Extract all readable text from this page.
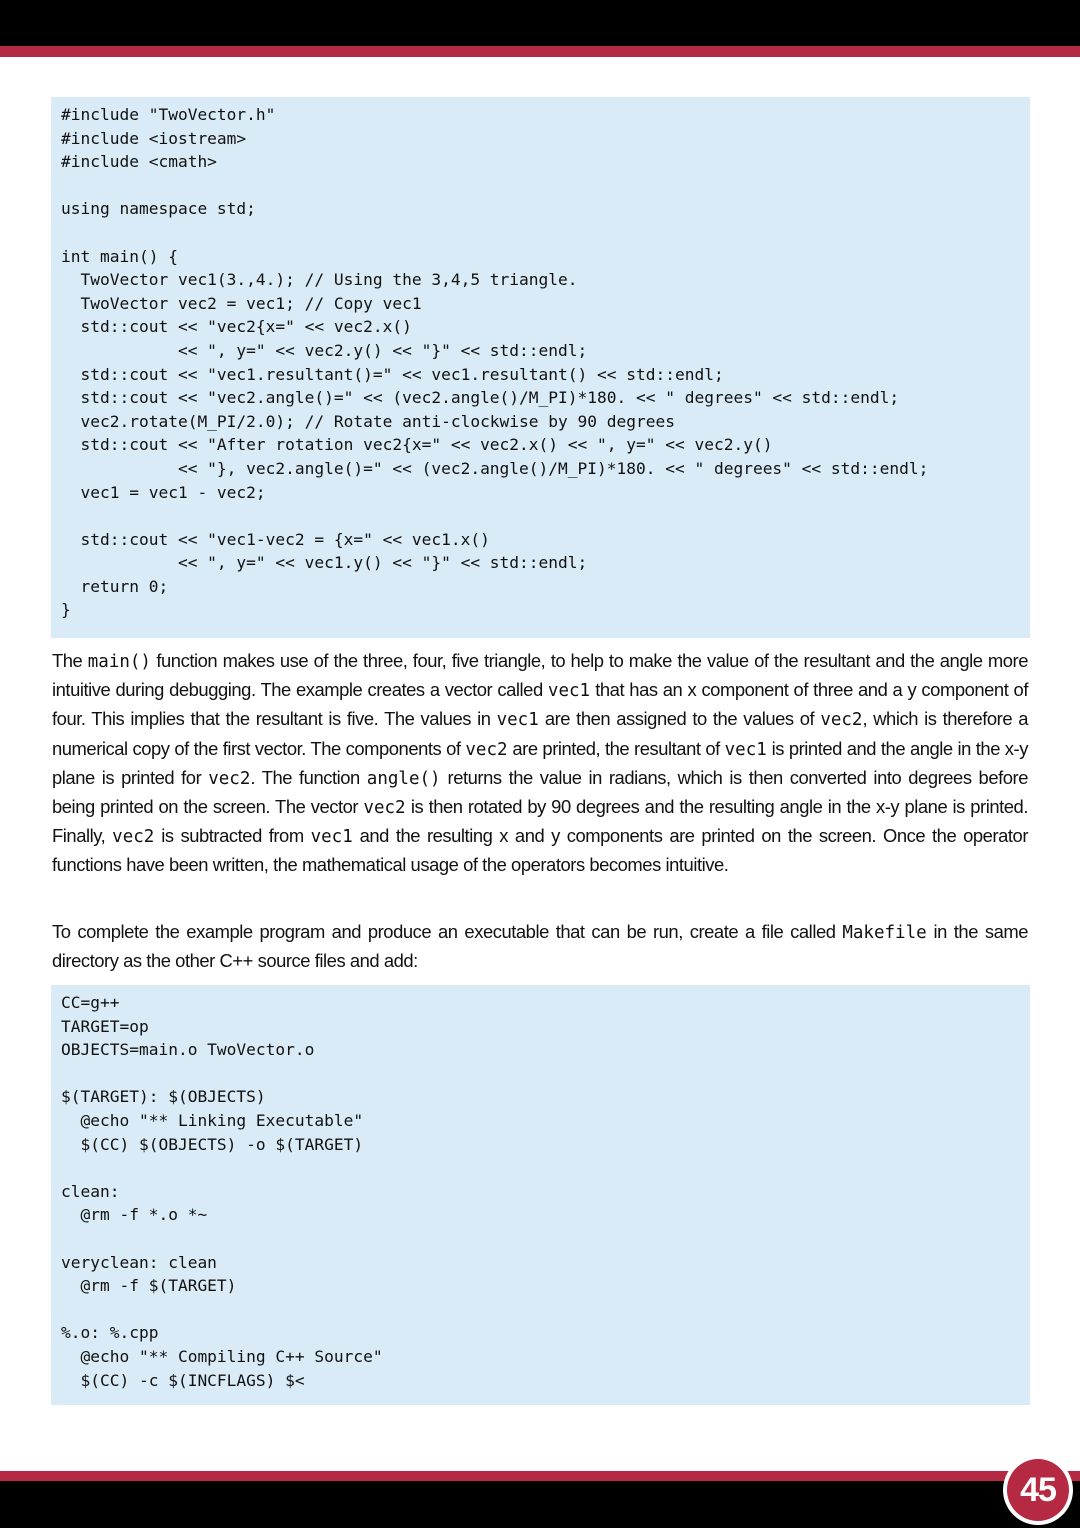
#include "TwoVector.h"
#include <iostream>
#include <cmath>
using namespace std;
int main() {
TwoVector vec1(3.,4.); // Using the 3,4,5 triangle.
TwoVector vec2 = vec1; // Copy vec1
std::cout << "vec2{x=" << vec2.x()
<< ", y=" << vec2.y() << "}" << std::endl;
std::cout << "vec1.resultant()=" << vec1.resultant() << std::endl;
std::cout << "vec2.angle()=" << (vec2.angle()/M_PI)*180. << " degrees" << std::endl;
vec2.rotate(M_PI/2.0); // Rotate anti-clockwise by 90 degrees
std::cout << "After rotation vec2{x=" << vec2.x() << ", y=" << vec2.y()
<< "}, vec2.angle()=" << (vec2.angle()/M_PI)*180. << " degrees" << std::endl;
vec1 = vec1 - vec2;
std::cout << "vec1-vec2 = {x=" << vec1.x()
<< ", y=" << vec1.y() << "}" << std::endl;
return 0;
}

The main() function makes use of the three, four, five triangle, to help to make the value of the resultant and the angle more intuitive during debugging. The example creates a vector called vec1 that has an x component of three and a y component of four. This implies that the resultant is five. The values in vec1 are then assigned to the values of vec2, which is therefore a numerical copy of the first vector. The components of vec2 are printed, the resultant of vec1 is printed and the angle in the x-y plane is printed for vec2. The function angle() returns the value in radians, which is then converted into degrees before being printed on the screen. The vector vec2 is then rotated by 90 degrees and the resulting angle in the x-y plane is printed. Finally, vec2 is subtracted from vec1 and the resulting x and y components are printed on the screen. Once the operator functions have been written, the mathematical usage of the operators becomes intuitive.

To complete the example program and produce an executable that can be run, create a file called Makefile in the same directory as the other C++ source files and add:

CC=g++
TARGET=op
OBJECTS=main.o TwoVector.o
$(TARGET): $(OBJECTS)
@echo "** Linking Executable"
$(CC) $(OBJECTS) -o $(TARGET)
clean:
@rm -f *.o *~
veryclean: clean
@rm -f $(TARGET)
%.o: %.cpp
@echo "** Compiling C++ Source"
$(CC) -c $(INCFLAGS) $<
45
